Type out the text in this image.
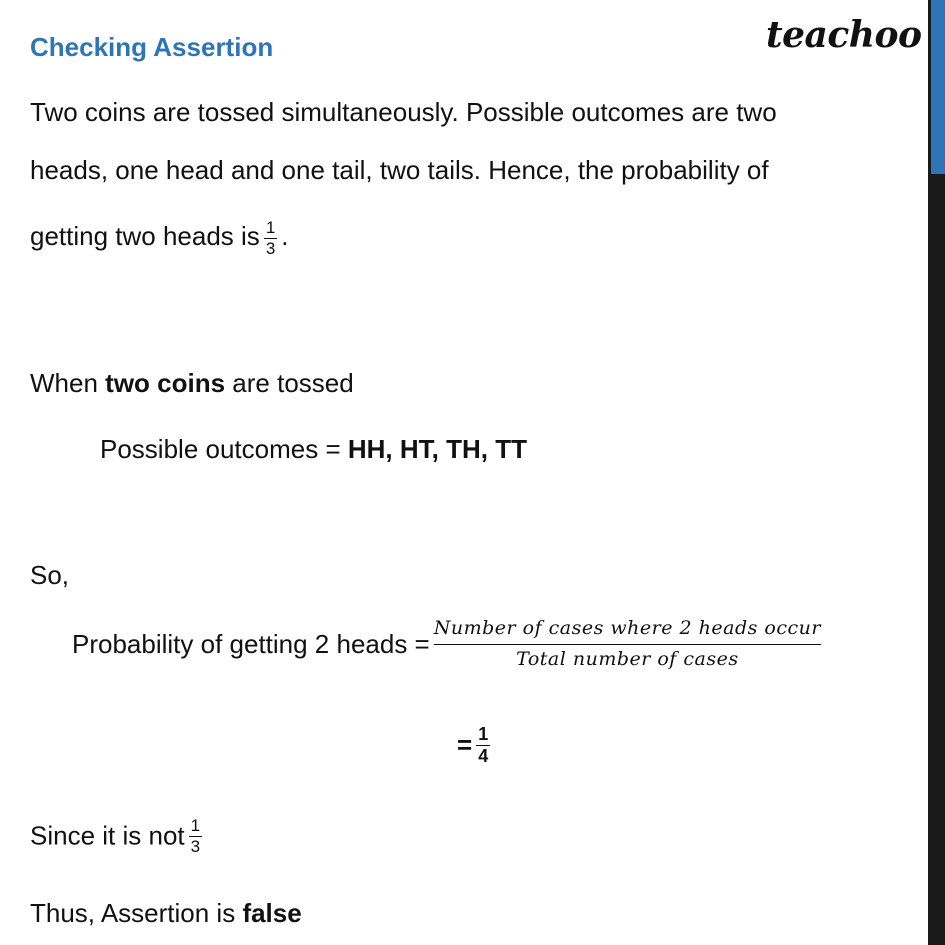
Checking Assertion	teachoo
Two coins are tossed simultaneously. Possible outcomes are two
heads, one head and one tail, two tails. Hence, the probability of
getting two heads is $\frac{1}{3}$ .
When two coins are tossed
Possible outcomes = HH, HT, TH, TT
So,
Probability of getting 2 heads = $\frac{\text{Number of cases where 2 heads occur}}{\text{Total number of cases}}$
= $\frac{1}{4}$
Since it is not $\frac{1}{3}$
Thus, Assertion is false
